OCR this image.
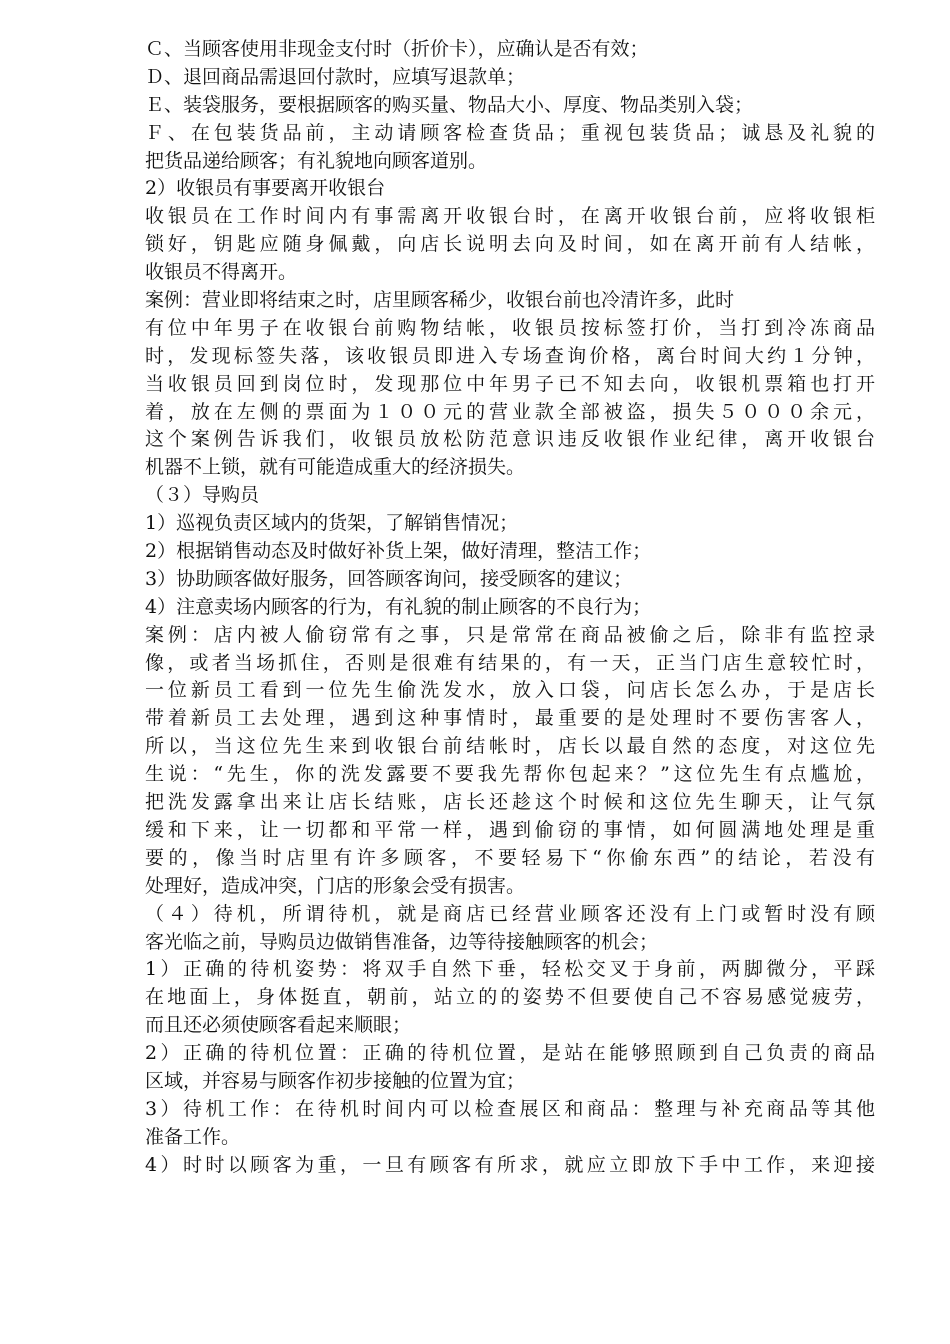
Ｃ、当顾客使用非现金支付时（折价卡），应确认是否有效；
Ｄ、退回商品需退回付款时，应填写退款单；
Ｅ、装袋服务，要根据顾客的购买量、物品大小、厚度、物品类别入袋；
Ｆ、在包装货品前，主动请顾客检查货品；重视包装货品；诚恳及礼貌的
把货品递给顾客；有礼貌地向顾客道别。
2）收银员有事要离开收银台
收银员在工作时间内有事需离开收银台时，在离开收银台前，应将收银柜
锁好，钥匙应随身佩戴，向店长说明去向及时间，如在离开前有人结帐，
收银员不得离开。
案例：营业即将结束之时，店里顾客稀少，收银台前也冷清许多，此时
有位中年男子在收银台前购物结帐，收银员按标签打价，当打到冷冻商品
时，发现标签失落，该收银员即进入专场查询价格，离台时间大约１分钟，
当收银员回到岗位时，发现那位中年男子已不知去向，收银机票箱也打开
着，放在左侧的票面为１００元的营业款全部被盗，损失５０００余元，
这个案例告诉我们，收银员放松防范意识违反收银作业纪律，离开收银台
机器不上锁，就有可能造成重大的经济损失。
（３）导购员
1）巡视负责区域内的货架，了解销售情况；
2）根据销售动态及时做好补货上架，做好清理，整洁工作；
3）协助顾客做好服务，回答顾客询问，接受顾客的建议；
4）注意卖场内顾客的行为，有礼貌的制止顾客的不良行为；
案例：店内被人偷窃常有之事，只是常常在商品被偷之后，除非有监控录
像，或者当场抓住，否则是很难有结果的，有一天，正当门店生意较忙时，
一位新员工看到一位先生偷洗发水，放入口袋，问店长怎么办，于是店长
带着新员工去处理，遇到这种事情时，最重要的是处理时不要伤害客人，
所以，当这位先生来到收银台前结帐时，店长以最自然的态度，对这位先
生说：“先生，你的洗发露要不要我先帮你包起来？”这位先生有点尴尬，
把洗发露拿出来让店长结账，店长还趁这个时候和这位先生聊天，让气氛
缓和下来，让一切都和平常一样，遇到偷窃的事情，如何圆满地处理是重
要的，像当时店里有许多顾客，不要轻易下“你偷东西”的结论，若没有
处理好，造成冲突，门店的形象会受有损害。
（４）待机，所谓待机，就是商店已经营业顾客还没有上门或暂时没有顾
客光临之前，导购员边做销售准备，边等待接触顾客的机会；
1）正确的待机姿势：将双手自然下垂，轻松交叉于身前，两脚微分，平踩
在地面上，身体挺直，朝前，站立的的姿势不但要使自己不容易感觉疲劳，
而且还必须使顾客看起来顺眼；
2）正确的待机位置：正确的待机位置，是站在能够照顾到自己负责的商品
区域，并容易与顾客作初步接触的位置为宜；
3）待机工作：在待机时间内可以检查展区和商品：整理与补充商品等其他
准备工作。
4）时时以顾客为重，一旦有顾客有所求，就应立即放下手中工作，来迎接
